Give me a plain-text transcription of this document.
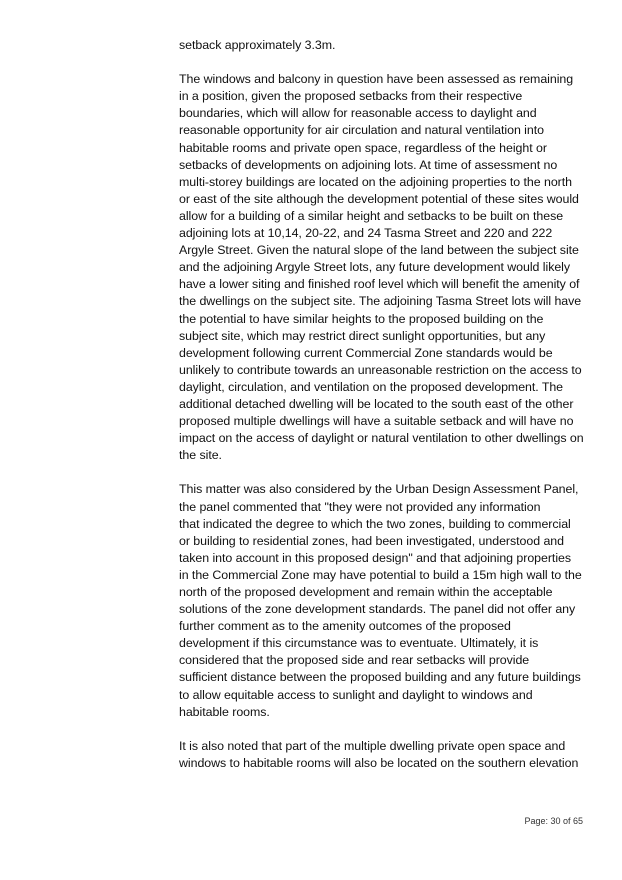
setback approximately 3.3m.
The windows and balcony in question have been assessed as remaining
in a position, given the proposed setbacks from their respective
boundaries, which will allow for reasonable access to daylight and
reasonable opportunity for air circulation and natural ventilation into
habitable rooms and private open space, regardless of the height or
setbacks of developments on adjoining lots. At time of assessment no
multi-storey buildings are located on the adjoining properties to the north
or east of the site although the development potential of these sites would
allow for a building of a similar height and setbacks to be built on these
adjoining lots at 10,14, 20-22, and 24 Tasma Street and 220 and 222
Argyle Street. Given the natural slope of the land between the subject site
and the adjoining Argyle Street lots, any future development would likely
have a lower siting and finished roof level which will benefit the amenity of
the dwellings on the subject site. The adjoining Tasma Street lots will have
the potential to have similar heights to the proposed building on the
subject site, which may restrict direct sunlight opportunities, but any
development following current Commercial Zone standards would be
unlikely to contribute towards an unreasonable restriction on the access to
daylight, circulation, and ventilation on the proposed development. The
additional detached dwelling will be located to the south east of the other
proposed multiple dwellings will have a suitable setback and will have no
impact on the access of daylight or natural ventilation to other dwellings on
the site.
This matter was also considered by the Urban Design Assessment Panel,
the panel commented that "they were not provided any information
that indicated the degree to which the two zones, building to commercial
or building to residential zones, had been investigated, understood and
taken into account in this proposed design" and that adjoining properties
in the Commercial Zone may have potential to build a 15m high wall to the
north of the proposed development and remain within the acceptable
solutions of the zone development standards. The panel did not offer any
further comment as to the amenity outcomes of the proposed
development if this circumstance was to eventuate. Ultimately, it is
considered that the proposed side and rear setbacks will provide
sufficient distance between the proposed building and any future buildings
to allow equitable access to sunlight and daylight to windows and
habitable rooms.
It is also noted that part of the multiple dwelling private open space and
windows to habitable rooms will also be located on the southern elevation
Page: 30 of 65
